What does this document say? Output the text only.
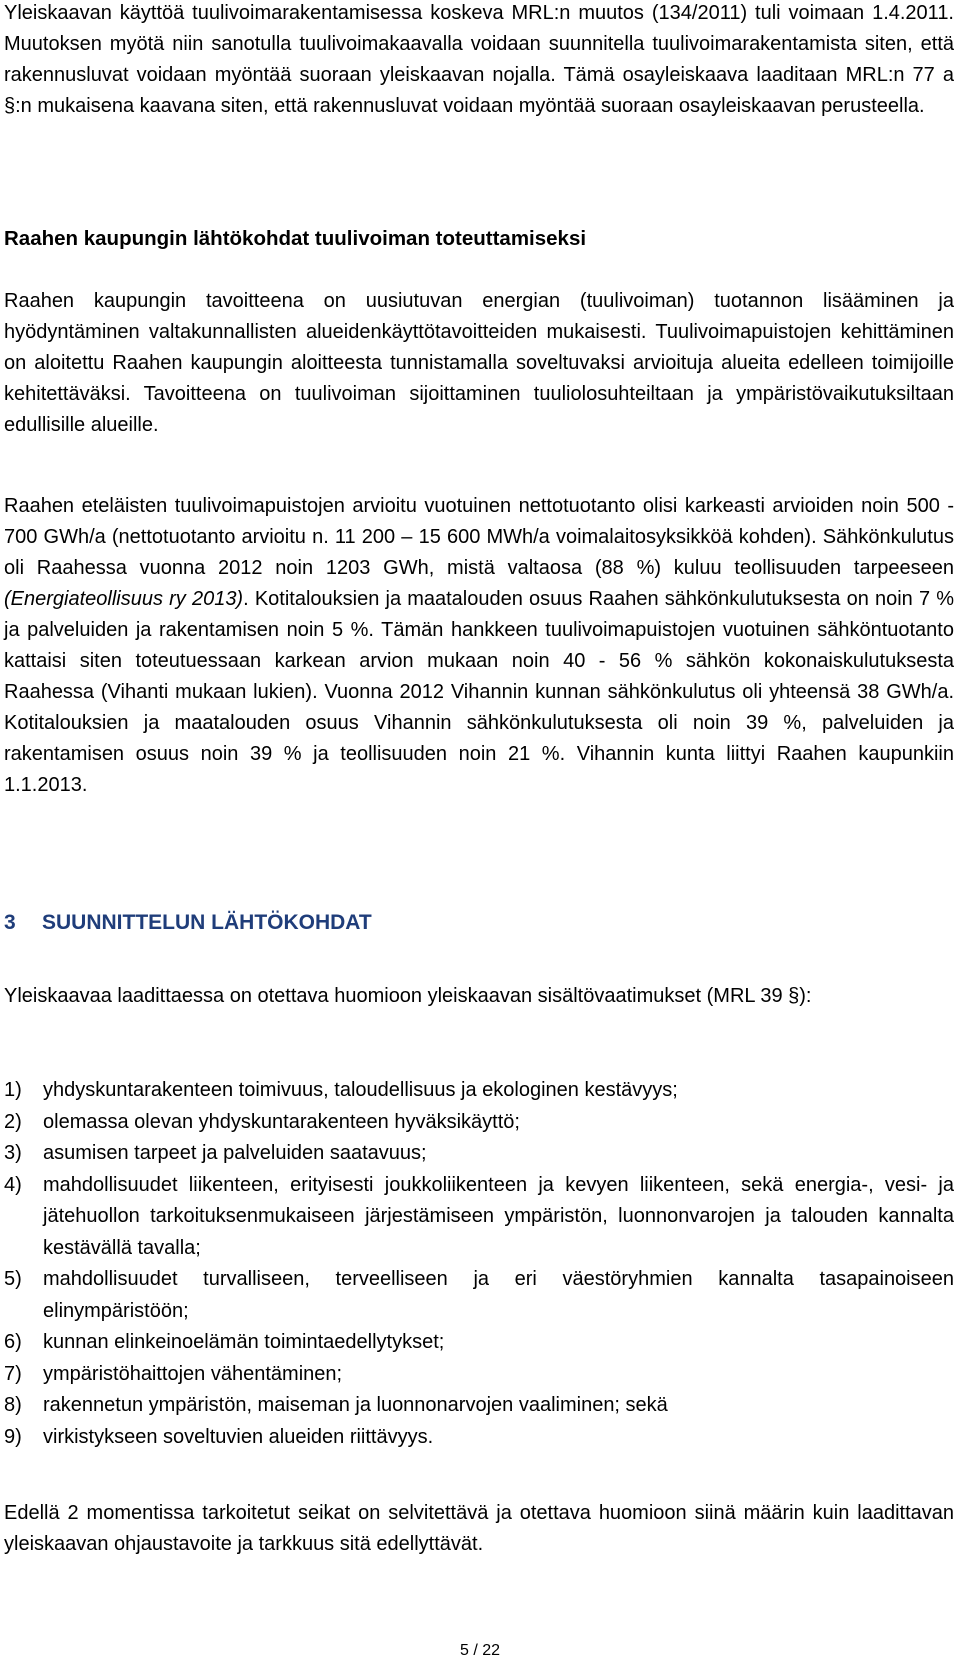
Yleiskaavan käyttöä tuulivoimarakentamisessa koskeva MRL:n muutos (134/2011) tuli voimaan 1.4.2011. Muutoksen myötä niin sanotulla tuulivoimakaavalla voidaan suunnitella tuulivoimarakentamista siten, että rakennusluvat voidaan myöntää suoraan yleiskaavan nojalla. Tämä osayleiskaava laaditaan MRL:n 77 a §:n mukaisena kaavana siten, että rakennusluvat voidaan myöntää suoraan osayleiskaavan perusteella.

Raahen kaupungin lähtökohdat tuulivoiman toteuttamiseksi

Raahen kaupungin tavoitteena on uusiutuvan energian (tuulivoiman) tuotannon lisääminen ja hyödyntäminen valtakunnallisten alueidenkäyttötavoitteiden mukaisesti. Tuulivoimapuistojen kehittäminen on aloitettu Raahen kaupungin aloitteesta tunnistamalla soveltuvaksi arvioituja alueita edelleen toimijoille kehitettäväksi. Tavoitteena on tuulivoiman sijoittaminen tuuliolosuhteiltaan ja ympäristövaikutuksiltaan edullisille alueille.

Raahen eteläisten tuulivoimapuistojen arvioitu vuotuinen nettotuotanto olisi karkeasti arvioiden noin 500 - 700 GWh/a (nettotuotanto arvioitu n. 11 200 – 15 600 MWh/a voimalaitosyksikköä kohden). Sähkönkulutus oli Raahessa vuonna 2012 noin 1203 GWh, mistä valtaosa (88 %) kuluu teollisuuden tarpeeseen (Energiateollisuus ry 2013). Kotitalouksien ja maatalouden osuus Raahen sähkönkulutuksesta on noin 7 % ja palveluiden ja rakentamisen noin 5 %. Tämän hankkeen tuulivoimapuistojen vuotuinen sähköntuotanto kattaisi siten toteutuessaan karkean arvion mukaan noin 40 - 56 % sähkön kokonaiskulutuksesta Raahessa (Vihanti mukaan lukien). Vuonna 2012 Vihannin kunnan sähkönkulutus oli yhteensä 38 GWh/a. Kotitalouksien ja maatalouden osuus Vihannin sähkönkulutuksesta oli noin 39 %, palveluiden ja rakentamisen osuus noin 39 % ja teollisuuden noin 21 %. Vihannin kunta liittyi Raahen kaupunkiin 1.1.2013.

3 SUUNNITTELUN LÄHTÖKOHDAT

Yleiskaavaa laadittaessa on otettava huomioon yleiskaavan sisältövaatimukset (MRL 39 §):

1)	yhdyskuntarakenteen toimivuus, taloudellisuus ja ekologinen kestävyys;
2)	olemassa olevan yhdyskuntarakenteen hyväksikäyttö;
3)	asumisen tarpeet ja palveluiden saatavuus;
4)	mahdollisuudet liikenteen, erityisesti joukkoliikenteen ja kevyen liikenteen, sekä energia-, vesi- ja jätehuollon tarkoituksenmukaiseen järjestämiseen ympäristön, luonnonvarojen ja talouden kannalta kestävällä tavalla;
5)	mahdollisuudet turvalliseen, terveelliseen ja eri väestöryhmien kannalta tasapainoiseen elinympäristöön;
6)	kunnan elinkeinoelämän toimintaedellytykset;
7)	ympäristöhaittojen vähentäminen;
8)	rakennetun ympäristön, maiseman ja luonnonarvojen vaaliminen; sekä
9)	virkistykseen soveltuvien alueiden riittävyys.

Edellä 2 momentissa tarkoitetut seikat on selvitettävä ja otettava huomioon siinä määrin kuin laadittavan yleiskaavan ohjaustavoite ja tarkkuus sitä edellyttävät.

5 / 22
